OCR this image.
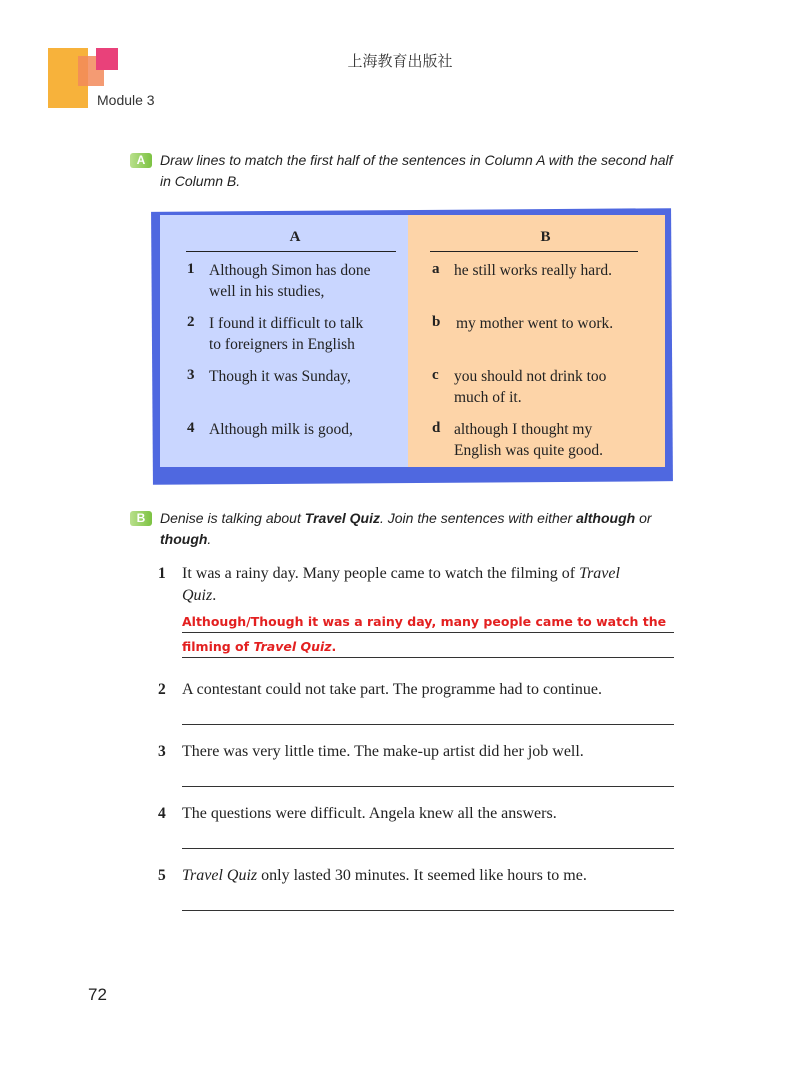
Module 3
上海教育出版社
A	Draw lines to match the first half of the sentences in Column A with the second half
in Column B.
A
1 Although Simon has done
well in his studies,
2 I found it difficult to talk
to foreigners in English
3 Though it was Sunday,
4 Although milk is good,
B
a he still works really hard.
b my mother went to work.
c you should not drink too
much of it.
d although I thought my
English was quite good.
B	Denise is talking about Travel Quiz. Join the sentences with either although or
though.
1 It was a rainy day. Many people came to watch the filming of Travel
Quiz.
Although/Though it was a rainy day, many people came to watch the
filming of Travel Quiz.
2 A contestant could not take part. The programme had to continue.
3 There was very little time. The make-up artist did her job well.
4 The questions were difficult. Angela knew all the answers.
5 Travel Quiz only lasted 30 minutes. It seemed like hours to me.
72
